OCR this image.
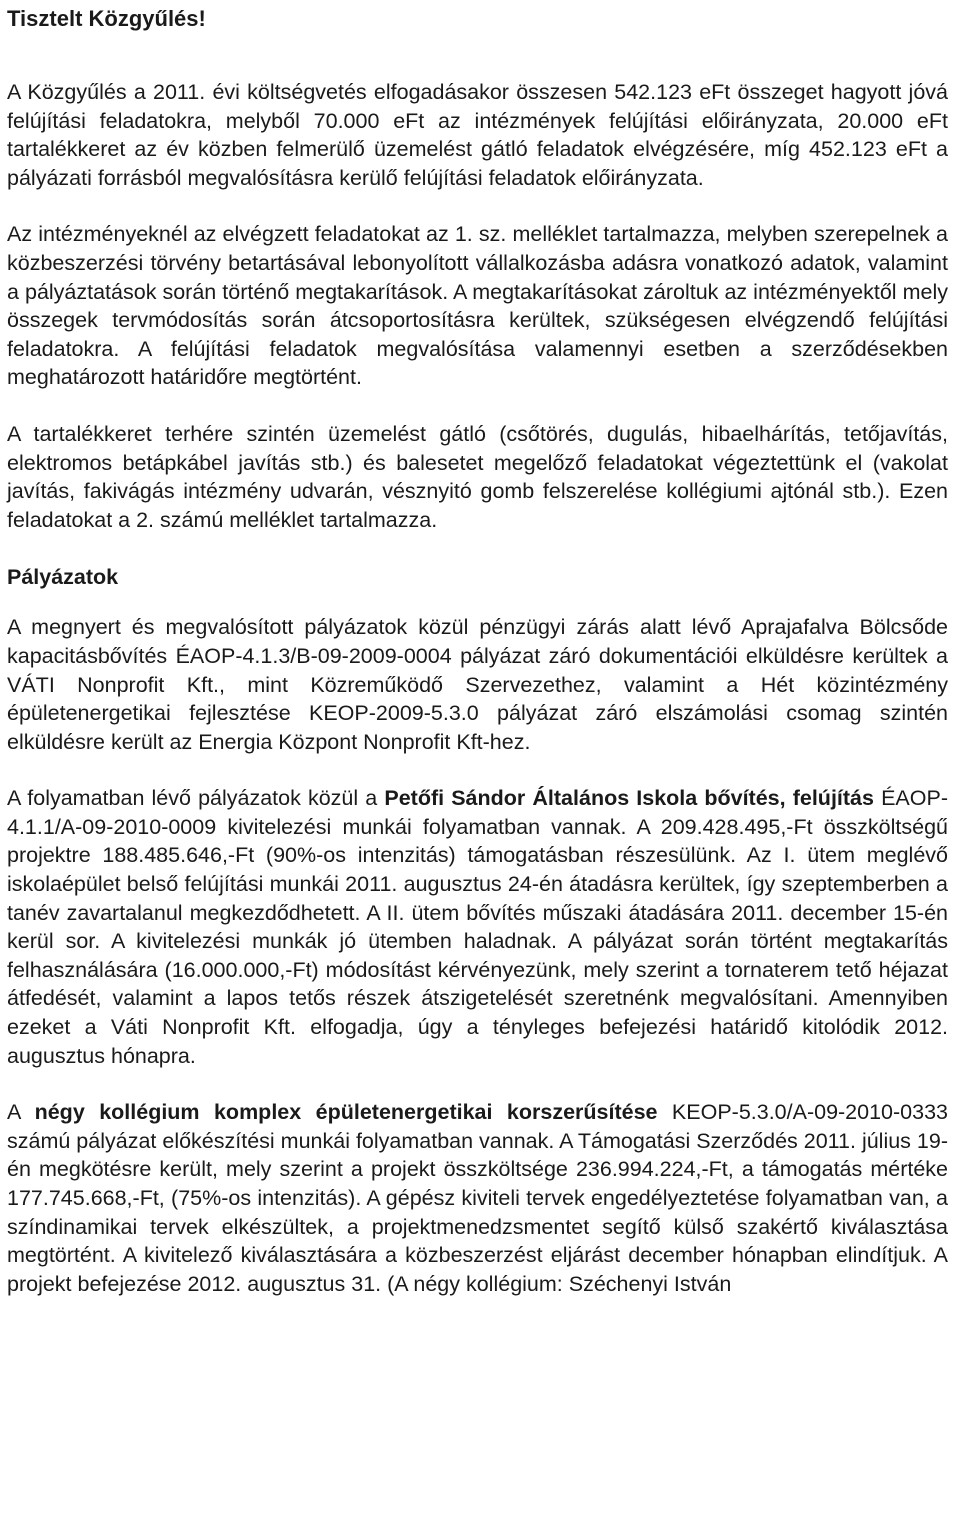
Tisztelt Közgyűlés!

A Közgyűlés a 2011. évi költségvetés elfogadásakor összesen 542.123 eFt összeget hagyott jóvá felújítási feladatokra, melyből 70.000 eFt az intézmények felújítási előirányzata, 20.000 eFt tartalékkeret az év közben felmerülő üzemelést gátló feladatok elvégzésére, míg 452.123 eFt a pályázati forrásból megvalósításra kerülő felújítási feladatok előirányzata.

Az intézményeknél az elvégzett feladatokat az 1. sz. melléklet tartalmazza, melyben szerepelnek a közbeszerzési törvény betartásával lebonyolított vállalkozásba adásra vonatkozó adatok, valamint a pályáztatások során történő megtakarítások. A megtakarításokat zároltuk az intézményektől mely összegek tervmódosítás során átcsoportosításra kerültek, szükségesen elvégzendő felújítási feladatokra. A felújítási feladatok megvalósítása valamennyi esetben a szerződésekben meghatározott határidőre megtörtént.

A tartalékkeret terhére szintén üzemelést gátló (csőtörés, dugulás, hibaelhárítás, tetőjavítás, elektromos betápkábel javítás stb.) és balesetet megelőző feladatokat végeztettünk el (vakolat javítás, fakivágás intézmény udvarán, vésznyitó gomb felszerelése kollégiumi ajtónál stb.). Ezen feladatokat a 2. számú melléklet tartalmazza.

Pályázatok

A megnyert és megvalósított pályázatok közül pénzügyi zárás alatt lévő Aprajafalva Bölcsőde kapacitásbővítés ÉAOP-4.1.3/B-09-2009-0004 pályázat záró dokumentációi elküldésre kerültek a VÁTI Nonprofit Kft., mint Közreműködő Szervezethez, valamint a Hét közintézmény épületenergetikai fejlesztése KEOP-2009-5.3.0 pályázat záró elszámolási csomag szintén elküldésre került az Energia Központ Nonprofit Kft-hez.

A folyamatban lévő pályázatok közül a Petőfi Sándor Általános Iskola bővítés, felújítás ÉAOP-4.1.1/A-09-2010-0009 kivitelezési munkái folyamatban vannak. A 209.428.495,-Ft összköltségű projektre 188.485.646,-Ft (90%-os intenzitás) támogatásban részesülünk. Az I. ütem meglévő iskolaépület belső felújítási munkái 2011. augusztus 24-én átadásra kerültek, így szeptemberben a tanév zavartalanul megkezdődhetett. A II. ütem bővítés műszaki átadására 2011. december 15-én kerül sor. A kivitelezési munkák jó ütemben haladnak. A pályázat során történt megtakarítás felhasználására (16.000.000,-Ft) módosítást kérvényezünk, mely szerint a tornaterem tető héjazat átfedését, valamint a lapos tetős részek átszigetelését szeretnénk megvalósítani. Amennyiben ezeket a Váti Nonprofit Kft. elfogadja, úgy a tényleges befejezési határidő kitolódik 2012. augusztus hónapra.

A négy kollégium komplex épületenergetikai korszerűsítése KEOP-5.3.0/A-09-2010-0333 számú pályázat előkészítési munkái folyamatban vannak. A Támogatási Szerződés 2011. július 19-én megkötésre került, mely szerint a projekt összköltsége 236.994.224,-Ft, a támogatás mértéke 177.745.668,-Ft, (75%-os intenzitás). A gépész kiviteli tervek engedélyeztetése folyamatban van, a színdinamikai tervek elkészültek, a projektmenedzsmentet segítő külső szakértő kiválasztása megtörtént. A kivitelező kiválasztására a közbeszerzést eljárást december hónapban elindítjuk. A projekt befejezése 2012. augusztus 31. (A négy kollégium: Széchenyi István
